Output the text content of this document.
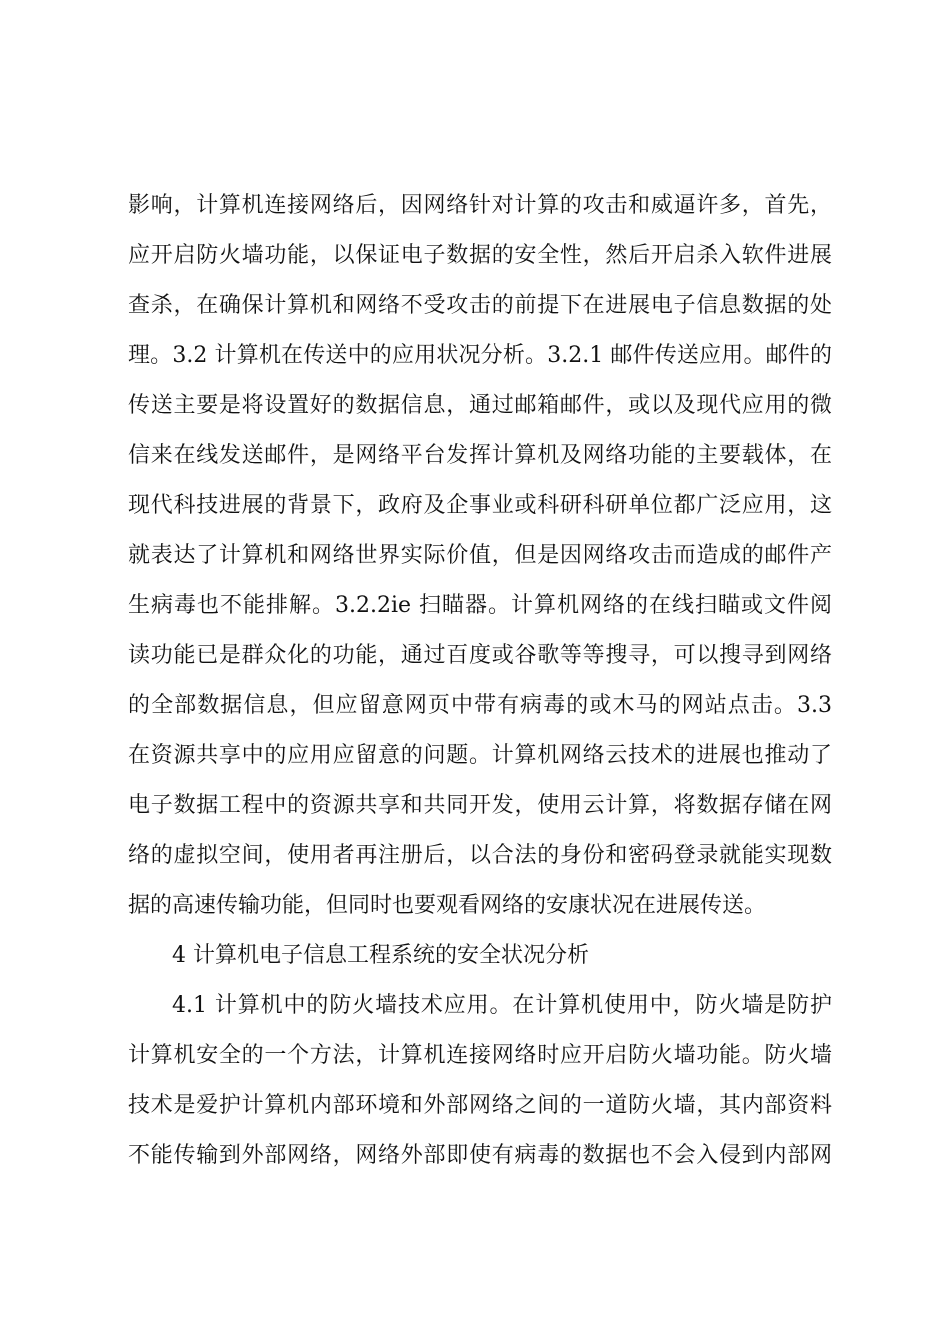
影响，计算机连接网络后，因网络针对计算的攻击和威逼许多，首先，
应开启防火墙功能，以保证电子数据的安全性，然后开启杀入软件进展
查杀，在确保计算机和网络不受攻击的前提下在进展电子信息数据的处
理。3.2 计算机在传送中的应用状况分析。3.2.1 邮件传送应用。邮件的
传送主要是将设置好的数据信息，通过邮箱邮件，或以及现代应用的微
信来在线发送邮件，是网络平台发挥计算机及网络功能的主要载体，在
现代科技进展的背景下，政府及企事业或科研科研单位都广泛应用，这
就表达了计算机和网络世界实际价值，但是因网络攻击而造成的邮件产
生病毒也不能排解。3.2.2ie 扫瞄器。计算机网络的在线扫瞄或文件阅
读功能已是群众化的功能，通过百度或谷歌等等搜寻，可以搜寻到网络
的全部数据信息，但应留意网页中带有病毒的或木马的网站点击。3.3
在资源共享中的应用应留意的问题。计算机网络云技术的进展也推动了
电子数据工程中的资源共享和共同开发，使用云计算，将数据存储在网
络的虚拟空间，使用者再注册后，以合法的身份和密码登录就能实现数
据的高速传输功能，但同时也要观看网络的安康状况在进展传送。
4 计算机电子信息工程系统的安全状况分析
4.1 计算机中的防火墙技术应用。在计算机使用中，防火墙是防护
计算机安全的一个方法，计算机连接网络时应开启防火墙功能。防火墙
技术是爱护计算机内部环境和外部网络之间的一道防火墙，其内部资料
不能传输到外部网络，网络外部即使有病毒的数据也不会入侵到内部网
